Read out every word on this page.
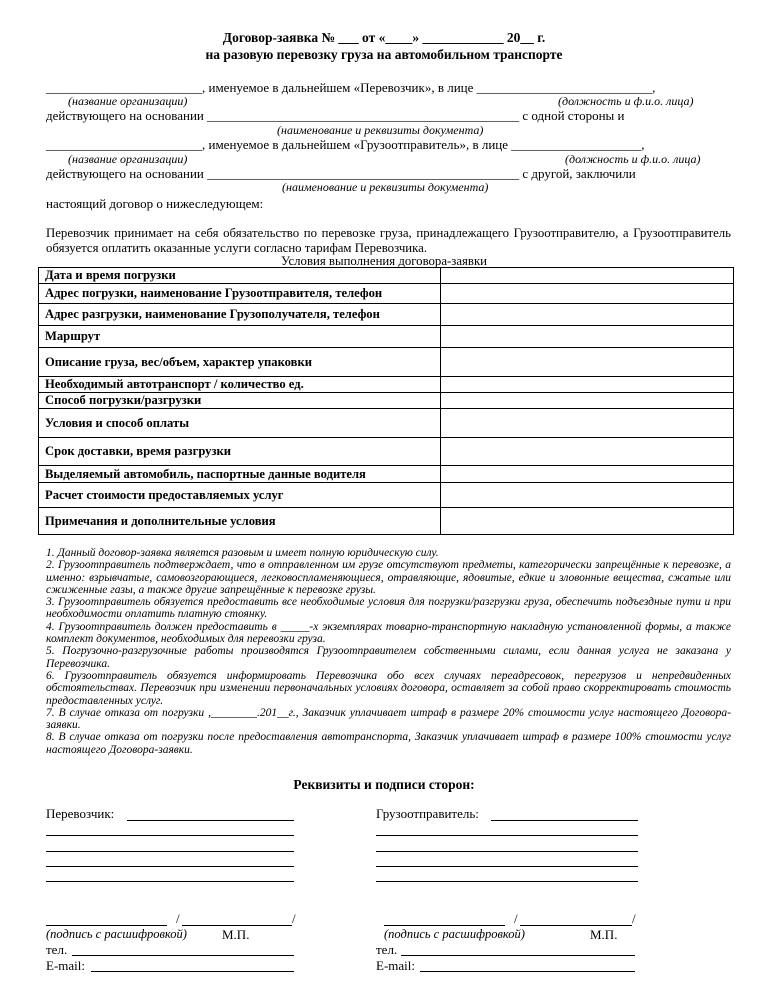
Договор-заявка № ___ от «____» ____________ 20__ г.
на разовую перевозку груза на автомобильном транспорте
________________________, именуемое в дальнейшем «Перевозчик», в лице ___________________________,
(название организации)	(должность и ф.и.о. лица)
действующего на основании ________________________________________________ с одной стороны и
(наименование и реквизиты документа)
________________________, именуемое в дальнейшем «Грузоотправитель», в лице ____________________,
(название организации)	(должность и ф.и.о. лица)
действующего на основании ________________________________________________ с другой, заключили
(наименование и реквизиты документа)
настоящий договор о нижеследующем:
Перевозчик принимает на себя обязательство по перевозке груза, принадлежащего Грузоотправителю, а Грузоотправитель обязуется оплатить оказанные услуги согласно тарифам Перевозчика.
Условия выполнения договора-заявки
Дата и время погрузки	
Адрес погрузки, наименование Грузоотправителя, телефон	
Адрес разгрузки, наименование Грузополучателя, телефон	
Маршрут	
Описание груза, вес/объем, характер упаковки	
Необходимый автотранспорт / количество ед.	
Способ погрузки/разгрузки	
Условия и способ оплаты	
Срок доставки, время разгрузки	
Выделяемый автомобиль, паспортные данные водителя	
Расчет стоимости предоставляемых услуг	
Примечания и дополнительные условия	

1. Данный договор-заявка является разовым и имеет полную юридическую силу.

2. Грузоотправитель подтверждает, что в отправленном им грузе отсутствуют предметы, категорически запрещённые к перевозке, а именно: взрывчатые, самовозгорающиеся, легковоспламеняющиеся, отравляющие, ядовитые, едкие и зловонные вещества, сжатые или сжиженные газы, а также другие запрещённые к перевозке грузы.

3. Грузоотправитель обязуется предоставить все необходимые условия для погрузки/разгрузки груза, обеспечить подъездные пути и при необходимости оплатить платную стоянку.

4. Грузоотправитель должен предоставить в _____-х экземплярах товарно-транспортную накладную установленной формы, а также комплект документов, необходимых для перевозки груза.

5. Погрузочно-разгрузочные работы производятся Грузоотправителем собственными силами, если данная услуга не заказана у Перевозчика.

6. Грузоотправитель обязуется информировать Перевозчика обо всех случаях переадресовок, перегрузов и непредвиденных обстоятельствах. Перевозчик при изменении первоначальных условиях договора, оставляет за собой право скорректировать стоимость предоставленных услуг.

7. В случае отказа от погрузки ,________.201__г., Заказчик уплачивает штраф в размере 20% стоимости услуг настоящего Договора-заявки.

8. В случае отказа от погрузки после предоставления автотранспорта, Заказчик уплачивает штраф в размере 100% стоимости услуг настоящего Договора-заявки.

Реквизиты и подписи сторон:
Перевозчик:
/	/
(подпись с расшифровкой)	М.П.
тел.
E-mail:
Грузоотправитель:
/	/
(подпись с расшифровкой)	М.П.
тел.
E-mail:
